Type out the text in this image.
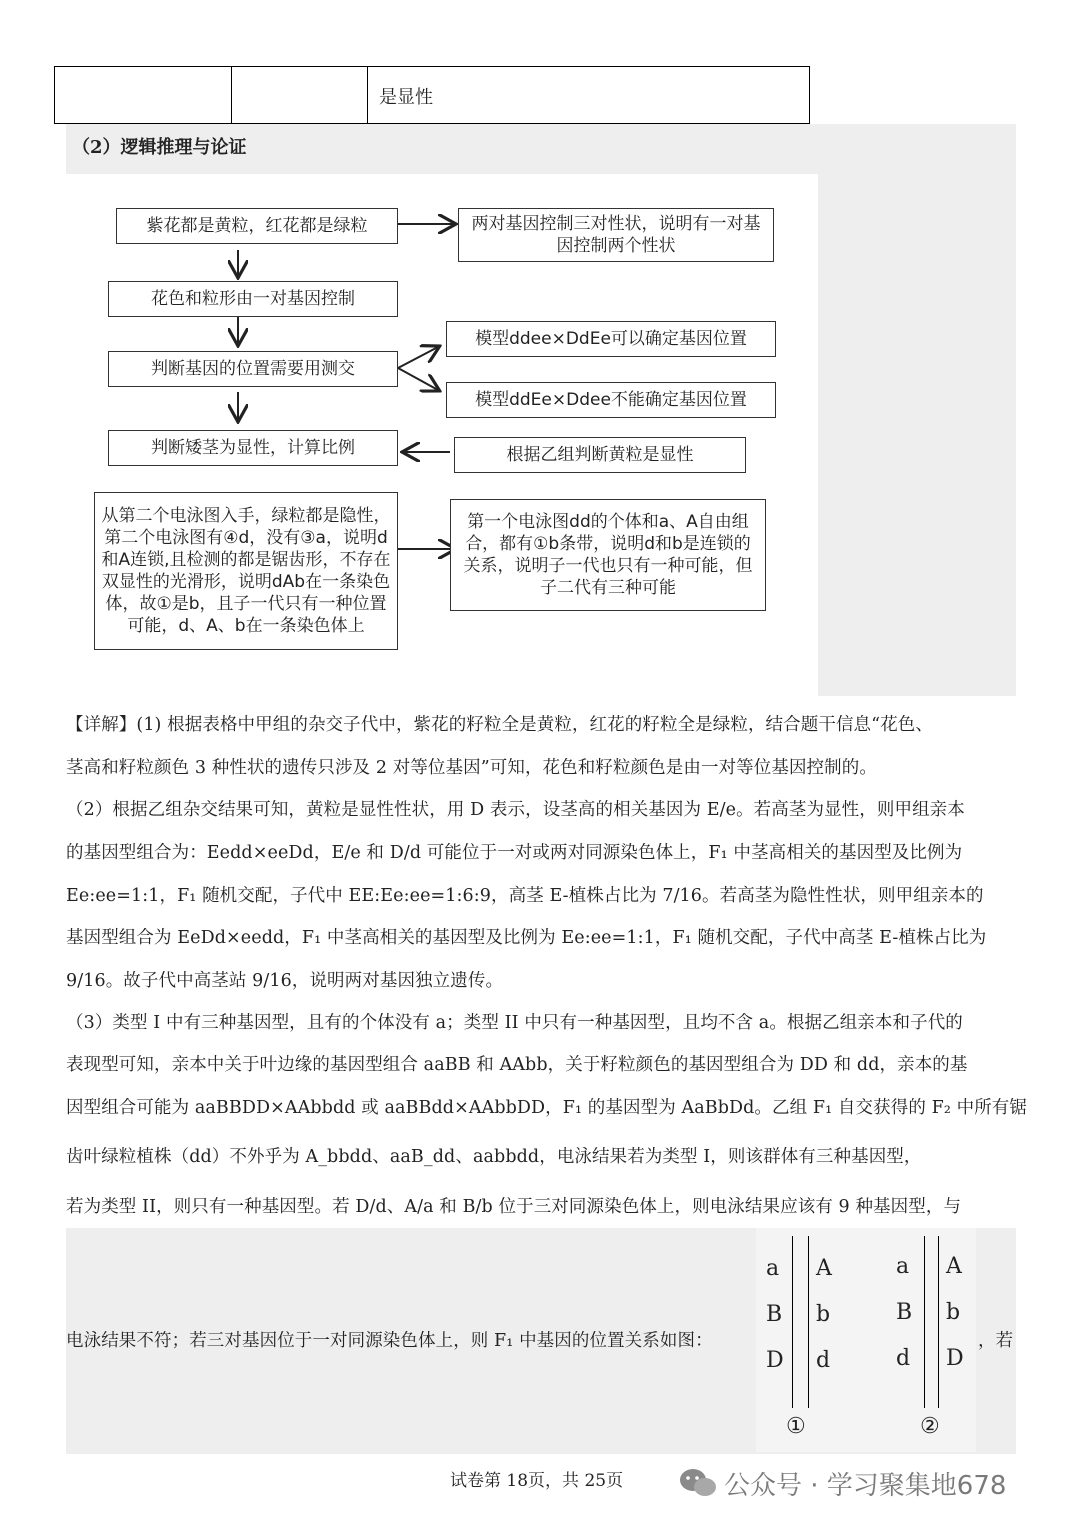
是显性
（2）逻辑推理与论证
紫花都是黄粒，红花都是绿粒	两对基因控制三对性状，说明有一对基因控制两个性状
花色和粒形由一对基因控制
模型ddee×DdEe可以确定基因位置
判断基因的位置需要用测交
模型ddEe×Ddee不能确定基因位置
判断矮茎为显性，计算比例	根据乙组判断黄粒是显性
从第二个电泳图入手，绿粒都是隐性，第二个电泳图有④d，没有③a，说明d和A连锁,且检测的都是锯齿形，不存在双显性的光滑形，说明dAb在一条染色体，故①是b，且子一代只有一种位置可能，d、A、b在一条染色体上
第一个电泳图dd的个体和a、A自由组合，都有①b条带，说明d和b是连锁的关系，说明子一代也只有一种可能，但子二代有三种可能
【详解】(1) 根据表格中甲组的杂交子代中，紫花的籽粒全是黄粒，红花的籽粒全是绿粒，结合题干信息“花色、
茎高和籽粒颜色 3 种性状的遗传只涉及 2 对等位基因”可知，花色和籽粒颜色是由一对等位基因控制的。
（2）根据乙组杂交结果可知，黄粒是显性性状，用 D 表示，设茎高的相关基因为 E/e。若高茎为显性，则甲组亲本
的基因型组合为：Eedd×eeDd，E/e 和 D/d 可能位于一对或两对同源染色体上，F₁ 中茎高相关的基因型及比例为
Ee:ee=1:1，F₁ 随机交配，子代中 EE:Ee:ee=1:6:9，高茎 E-植株占比为 7/16。若高茎为隐性性状，则甲组亲本的
基因型组合为 EeDd×eedd，F₁ 中茎高相关的基因型及比例为 Ee:ee=1:1，F₁ 随机交配，子代中高茎 E-植株占比为
9/16。故子代中高茎站 9/16，说明两对基因独立遗传。
（3）类型 I 中有三种基因型，且有的个体没有 a；类型 II 中只有一种基因型，且均不含 a。根据乙组亲本和子代的
表现型可知，亲本中关于叶边缘的基因型组合 aaBB 和 AAbb，关于籽粒颜色的基因型组合为 DD 和 dd，亲本的基
因型组合可能为 aaBBDD×AAbbdd 或 aaBBdd×AAbbDD，F₁ 的基因型为 AaBbDd。乙组 F₁ 自交获得的 F₂ 中所有锯
齿叶绿粒植株（dd）不外乎为 A_bbdd、aaB_dd、aabbdd，电泳结果若为类型 I，则该群体有三种基因型，
若为类型 II，则只有一种基因型。若 D/d、A/a 和 B/b 位于三对同源染色体上，则电泳结果应该有 9 种基因型，与
电泳结果不符；若三对基因位于一对同源染色体上，则 F₁ 中基因的位置关系如图：	，若
a
B
D
A
b
d
①
a
B
d
A
b
D
②
试卷第 18页，共 25页	公众号 · 学习聚集地678
